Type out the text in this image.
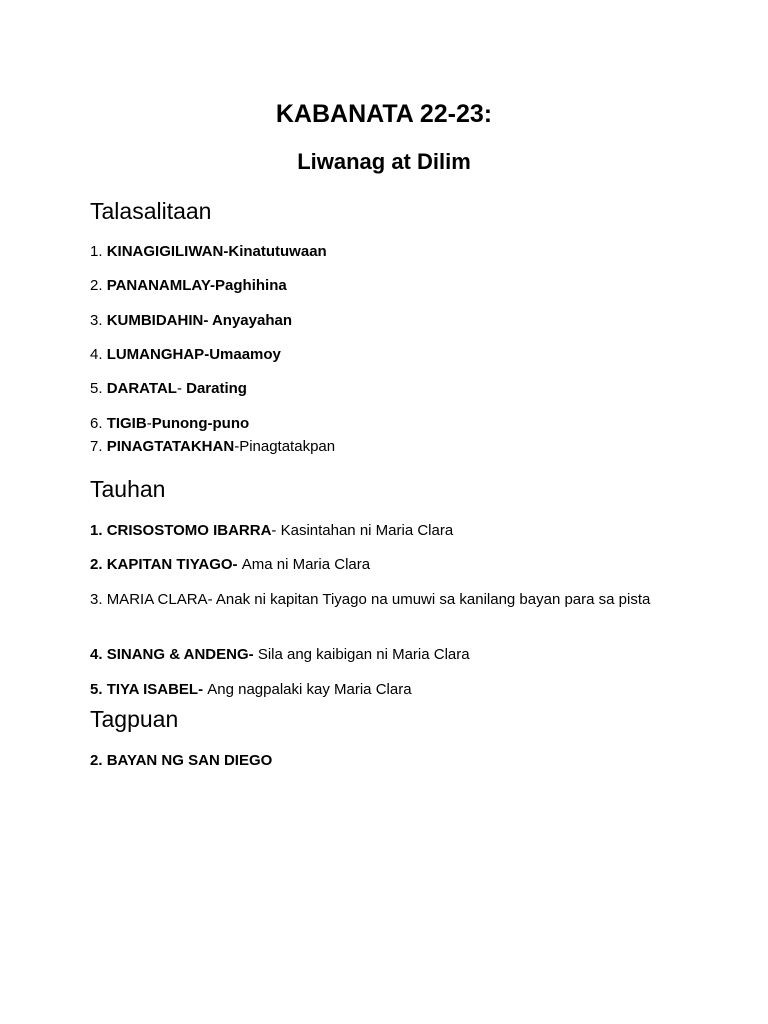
KABANATA 22-23:
Liwanag at Dilim
Talasalitaan
1. KINAGIGILIWAN-Kinatutuwaan
2. PANANAMLAY-Paghihina
3. KUMBIDAHIN- Anyayahan
4. LUMANGHAP-Umaamoy
5. DARATAL- Darating
6. TIGIB-Punong-puno
7. PINAGTATAKHAN-Pinagtatakpan
Tauhan
1. CRISOSTOMO IBARRA- Kasintahan ni Maria Clara
2. KAPITAN TIYAGO- Ama ni Maria Clara
3. MARIA CLARA- Anak ni kapitan Tiyago na umuwi sa kanilang bayan para sa pista
4. SINANG & ANDENG- Sila ang kaibigan ni Maria Clara
5. TIYA ISABEL- Ang nagpalaki kay Maria Clara
Tagpuan
2. BAYAN NG SAN DIEGO
